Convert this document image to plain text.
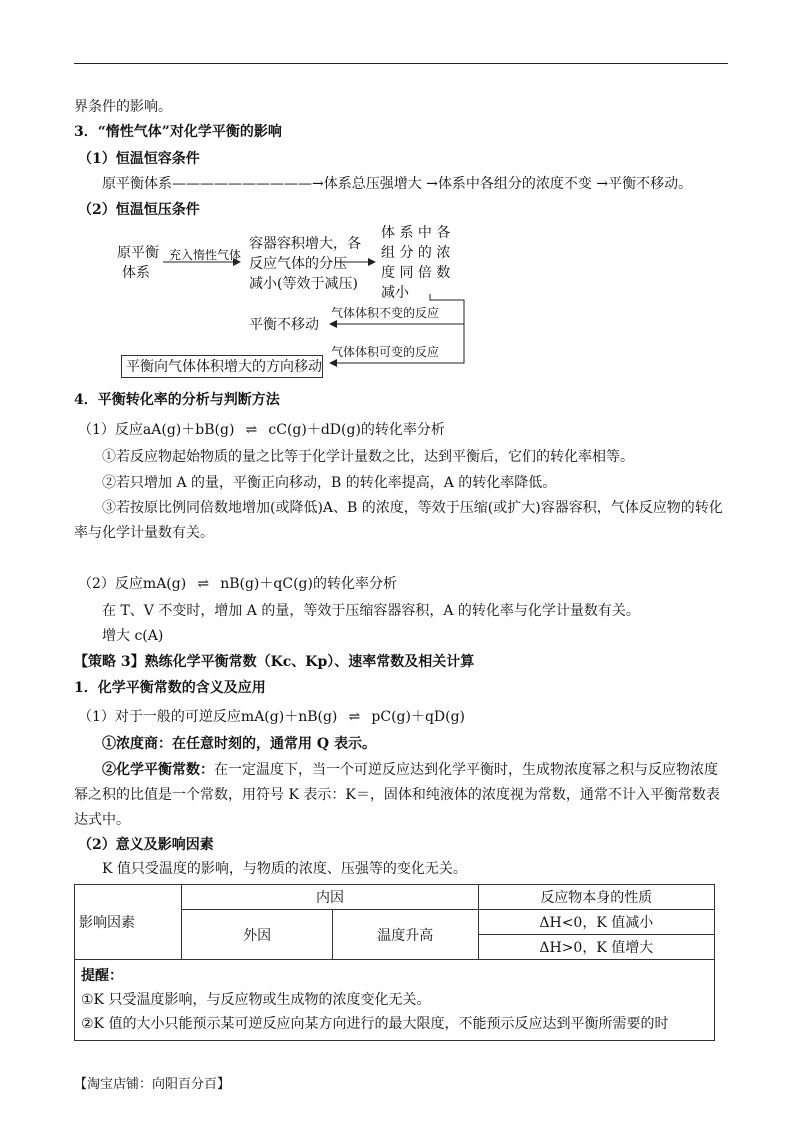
界条件的影响。
3．“惰性气体”对化学平衡的影响
（1）恒温恒容条件
原平衡体系——————————→体系总压强增大 →体系中各组分的浓度不变 →平衡不移动。
（2）恒温恒压条件
原平衡
体系
充入惰性气体
容器容积增大，各
反应气体的分压
减小(等效于减压)
体 系 中 各
组 分 的 浓
度 同 倍 数
减小
气体体积不变的反应
平衡不移动
气体体积可变的反应
平衡向气体体积增大的方向移动
4．平衡转化率的分析与判断方法
（1）反应aA(g)＋bB(g) ⇌ cC(g)＋dD(g)的转化率分析
①若反应物起始物质的量之比等于化学计量数之比，达到平衡后，它们的转化率相等。
②若只增加 A 的量，平衡正向移动，B 的转化率提高，A 的转化率降低。
③若按原比例同倍数地增加(或降低)A、B 的浓度，等效于压缩(或扩大)容器容积，气体反应物的转化
率与化学计量数有关。
（2）反应mA(g) ⇌ nB(g)＋qC(g)的转化率分析
在 T、V 不变时，增加 A 的量，等效于压缩容器容积，A 的转化率与化学计量数有关。
增大 c(A)
【策略 3】熟练化学平衡常数（Kc、Kp）、速率常数及相关计算
1．化学平衡常数的含义及应用
（1）对于一般的可逆反应mA(g)＋nB(g) ⇌ pC(g)＋qD(g)
①浓度商：在任意时刻的，通常用 Q 表示。
②化学平衡常数：在一定温度下，当一个可逆反应达到化学平衡时，生成物浓度幂之积与反应物浓度
幂之积的比值是一个常数，用符号 K 表示：K＝，固体和纯液体的浓度视为常数，通常不计入平衡常数表
达式中。
（2）意义及影响因素
K 值只受温度的影响，与物质的浓度、压强等的变化无关。
影响因素	内因		反应物本身的性质
	外因	温度升高	ΔH<0，K 值减小
			ΔH>0，K 值增大

提醒：
①K 只受温度影响，与反应物或生成物的浓度变化无关。
②K 值的大小只能预示某可逆反应向某方向进行的最大限度，不能预示反应达到平衡所需要的时			
【淘宝店铺：向阳百分百】
